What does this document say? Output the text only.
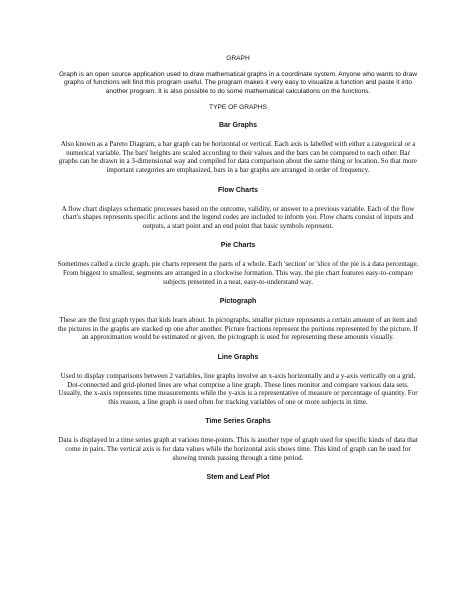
GRAPH
Graph is an open source application used to draw mathematical graphs in a coordinate system. Anyone who wants to draw graphs of functions will find this program useful. The program makes it very easy to visualize a function and paste it into another program. It is also possible to do some mathematical calculations on the functions.
TYPE OF GRAPHS
Bar Graphs
Also known as a Pareto Diagram, a bar graph can be horizontal or vertical. Each axis is labelled with either a categorical or a numerical variable. The bars' heights are scaled according to their values and the bars can be compared to each other. Bar graphs can be drawn in a 3-dimensional way and compiled for data comparison about the same thing or location. So that more important categories are emphasized, bars in a bar graphs are arranged in order of frequency.
Flow Charts
A flow chart displays schematic processes based on the outcome, validity, or answer to a previous variable. Each of the flow chart's shapes represents specific actions and the legend codes are included to inform you. Flow charts consist of inputs and outputs, a start point and an end point that basic symbols represent.
Pie Charts
Sometimes called a circle graph, pie charts represent the parts of a whole. Each 'section' or 'slice of the pie is a data percentage. From biggest to smallest, segments are arranged in a clockwise formation. This way, the pie chart features easy-to-compare subjects presented in a neat, easy-to-understand way.
Pictograph
These are the first graph types that kids learn about. In pictographs, smaller picture represents a certain amount of an item and the pictures in the graphs are stacked up one after another. Picture fractions represent the portions represented by the picture. If an approximation would be estimated or given, the pictograph is used for representing these amounts visually.
Line Graphs
Used to display comparisons between 2 variables, line graphs involve an x-axis horizontally and a y-axis vertically on a grid. Dot-connected and grid-plotted lines are what comprise a line graph. These lines monitor and compare various data sets. Usually, the x-axis represents time measurements while the y-axis is a representative of measure or percentage of quantity. For this reason, a line graph is used often for tracking variables of one or more subjects in time.
Time Series Graphs
Data is displayed in a time series graph at various time-points. This is another type of graph used for specific kinds of data that come in pairs. The vertical axis is for data values while the horizontal axis shows time. This kind of graph can be used for showing trends passing through a time period.
Stem and Leaf Plot
